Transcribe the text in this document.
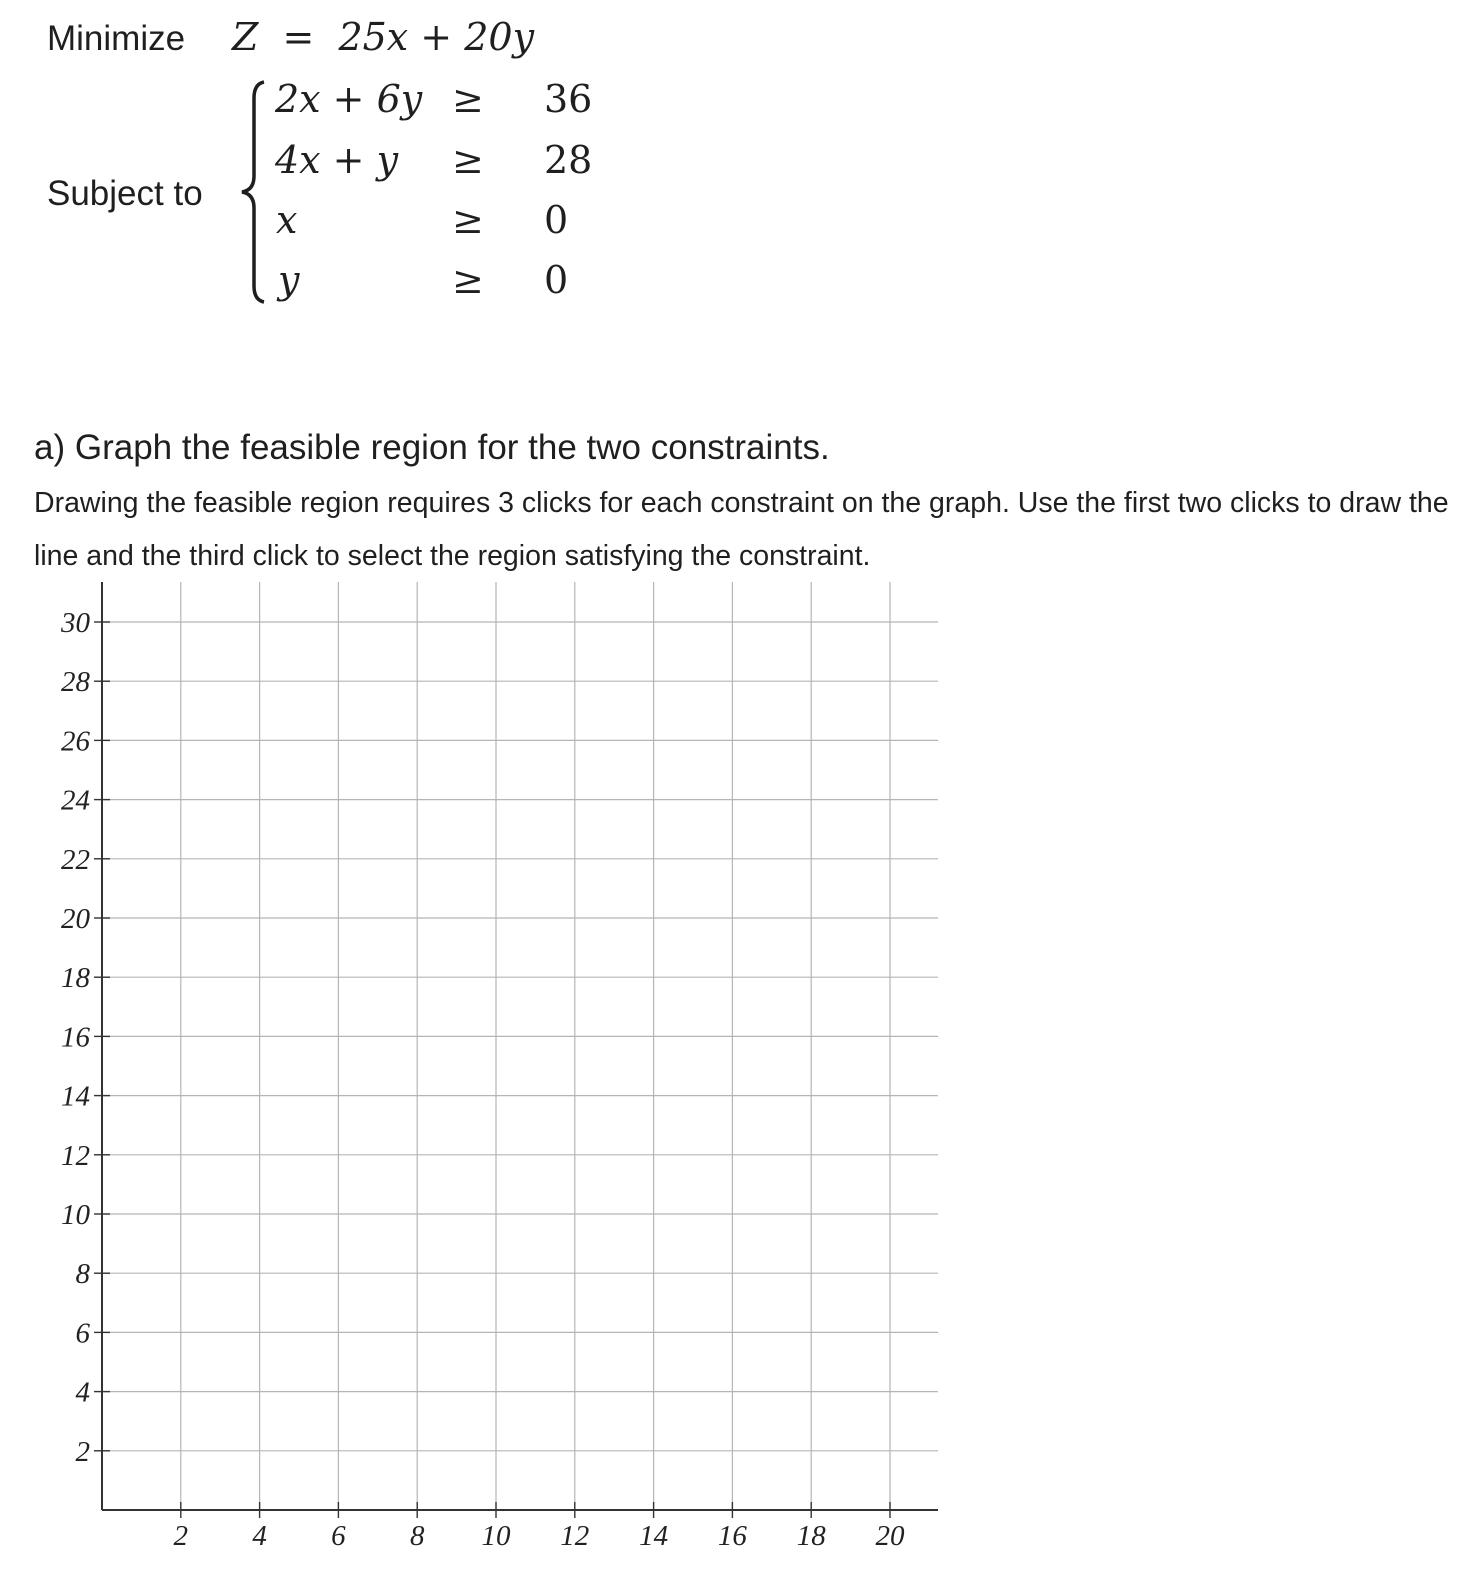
Minimize Z = 25x + 20y
Subject to
2x + 6y ≥ 36
4x + y ≥ 28
x	≥ 0
y	≥ 0
a) Graph the feasible region for the two constraints.
Drawing the feasible region requires 3 clicks for each constraint on the graph. Use the first two clicks to draw the line and the third click to select the region satisfying the constraint.
2 4 6 8 10 12 14 16 18 20
2
4
6
8
10
12
14
16
18
20
22
24
26
28
30
